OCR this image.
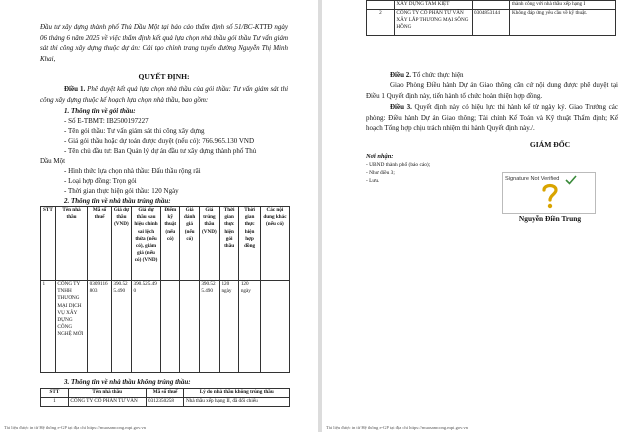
Đầu tư xây dựng thành phố Thủ Dầu Một tại báo cáo thẩm định số 51/BC-KTTĐ ngày 06 tháng 6 năm 2025 về việc thẩm định kết quả lựa chọn nhà thầu gói thầu Tư vấn giám sát thi công xây dựng thuộc dự án: Cải tạo chỉnh trang tuyến đường Nguyễn Thị Minh Khai,
QUYẾT ĐỊNH:
Điều 1. Phê duyệt kết quả lựa chọn nhà thầu của gói thầu: Tư vấn giám sát thi công xây dựng thuộc kế hoạch lựa chọn nhà thầu, bao gồm:
1. Thông tin về gói thầu:
- Số E-TBMT: IB2500197227
- Tên gói thầu: Tư vấn giám sát thi công xây dựng
- Giá gói thầu hoặc dự toán được duyệt (nếu có): 766.965.130 VND
- Tên chủ đầu tư: Ban Quản lý dự án đầu tư xây dựng thành phố Thủ
Dầu Một
- Hình thức lựa chọn nhà thầu: Đấu thầu rộng rãi
- Loại hợp đồng: Trọn gói
- Thời gian thực hiện gói thầu: 120 Ngày
2. Thông tin về nhà thầu trúng thầu:
STT	Tên nhà thầu	Mã số thuế	Giá dự thầu (VND)	Giá dự thầu sau hiệu chỉnh sai lệch thừa (nếu có), giảm giá (nếu có) (VND)	Điểm kỹ thuật (nếu có)	Giá đánh giá (nếu có)	Giá trúng thầu (VND)	Thời gian thực hiện gói thầu	Thời gian thực hiện hợp đồng	Các nội dung khác (nếu có)
1	CÔNG TY TNHH THƯƠNG MẠI DỊCH VỤ XÂY DỰNG CÔNG NGHỆ MỚI	0309116803	390.525.490	390.525.490			390.525.490	120 ngày	120 ngày	
3. Thông tin về nhà thầu không trúng thầu:
STT	Tên nhà thầu	Mã số thuế	Lý do nhà thầu không trúng thầu
1	CÔNG TY CỔ PHẦN TƯ VẤN	0312350258	Nhà thầu xếp hạng II, đã đối chiếu
Tài liệu được in từ Hệ thống e-GP tại địa chỉ https://muasamcong.mpi.gov.vn
	XÂY DỰNG TAM KIỆT		thành công với nhà thầu xếp hạng I
2	CÔNG TY CỔ PHẦN TƯ VẤN XÂY LẮP THƯƠNG MẠI SÔNG HỒNG	0304853144	Không đáp ứng yêu cầu về kỹ thuật.
Điều 2. Tổ chức thực hiện
Giao Phòng Điều hành Dự án Giao thông căn cứ nội dung được phê duyệt tại Điều 1 Quyết định này, tiến hành tổ chức hoàn thiện hợp đồng.
Điều 3. Quyết định này có hiệu lực thi hành kể từ ngày ký. Giao Trưởng các phòng: Điều hành Dự án Giao thông; Tài chính Kế Toán và Kỹ thuật Thẩm định; Kế hoạch Tổng hợp chịu trách nhiệm thi hành Quyết định này./.
Nơi nhận:
- UBND thành phố (báo cáo);
- Như điều 3;
- Lưu.
GIÁM ĐỐC
Signature Not Verified
Nguyễn Điền Trung
Tài liệu được in từ Hệ thống e-GP tại địa chỉ https://muasamcong.mpi.gov.vn
